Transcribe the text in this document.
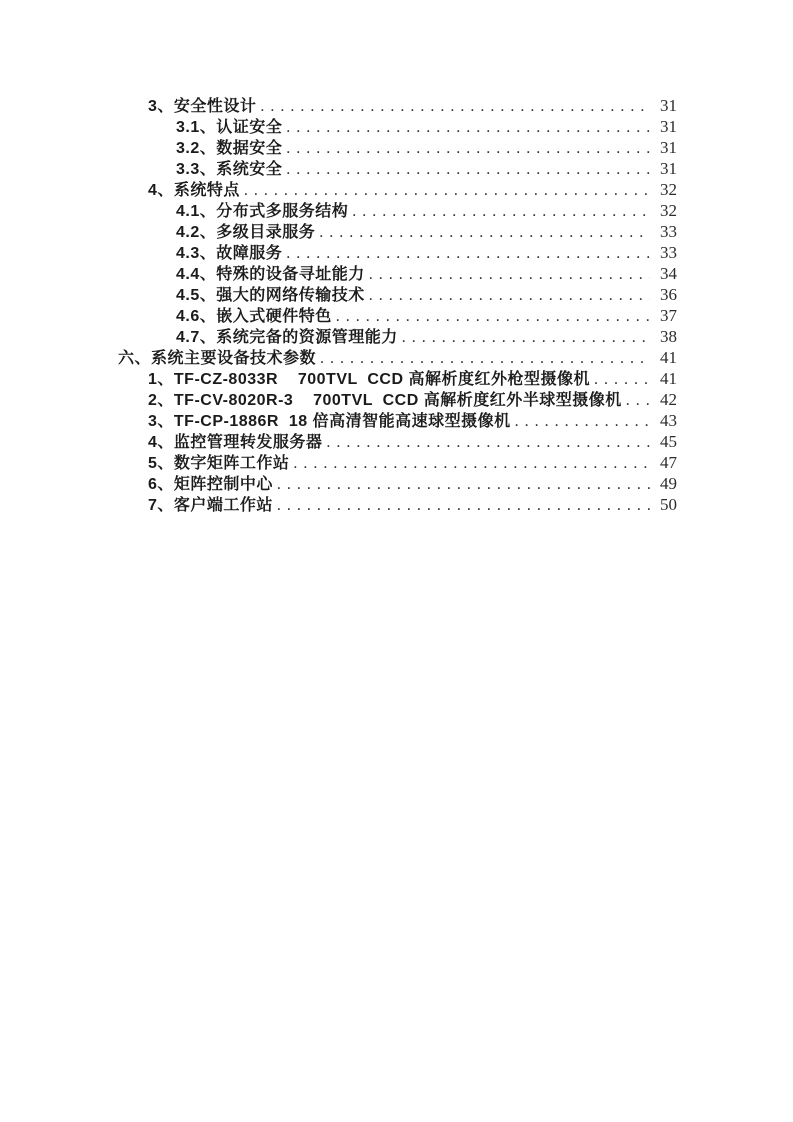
3、安全性设计 .....	31
3.1、认证安全 .....	31
3.2、数据安全 .....	31
3.3、系统安全 .....	31
4、系统特点 .....	32
4.1、分布式多服务结构 .....	32
4.2、多级目录服务 .....	33
4.3、故障服务 .....	33
4.4、特殊的设备寻址能力 .....	34
4.5、强大的网络传输技术 .....	36
4.6、嵌入式硬件特色 .....	37
4.7、系统完备的资源管理能力 .....	38
六、系统主要设备技术参数 .....	41
1、TF-CZ-8033R    700TVL  CCD 高解析度红外枪型摄像机 .....	41
2、TF-CV-8020R-3    700TVL  CCD 高解析度红外半球型摄像机 .....	42
3、TF-CP-1886R  18 倍高清智能高速球型摄像机 .....	43
4、监控管理转发服务器 .....	45
5、数字矩阵工作站 .....	47
6、矩阵控制中心 .....	49
7、客户端工作站 .....	50
